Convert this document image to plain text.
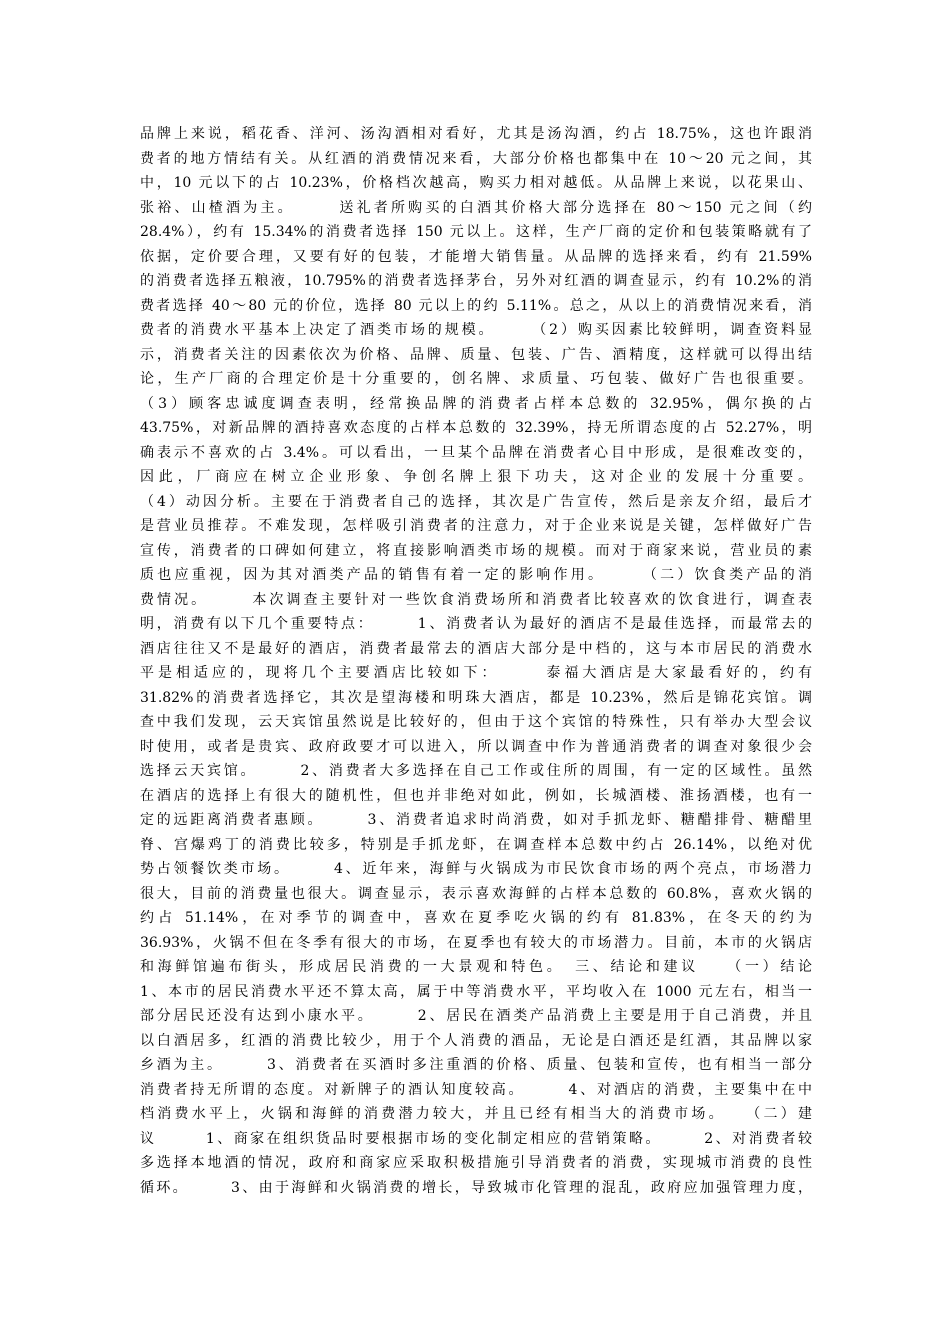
品牌上来说，稻花香、洋河、汤沟酒相对看好，尤其是汤沟酒，约占 18.75%，这也许跟消
费者的地方情结有关。从红酒的消费情况来看，大部分价格也都集中在 10～20 元之间，其
中，10 元以下的占 10.23%，价格档次越高，购买力相对越低。从品牌上来说，以花果山、
张裕、山楂酒为主。　　　送礼者所购买的白酒其价格大部分选择在 80～150 元之间（约
28.4%），约有 15.34%的消费者选择 150 元以上。这样，生产厂商的定价和包装策略就有了
依据，定价要合理，又要有好的包装，才能增大销售量。从品牌的选择来看，约有 21.59%
的消费者选择五粮液，10.795%的消费者选择茅台，另外对红酒的调查显示，约有 10.2%的消
费者选择 40～80 元的价位，选择 80 元以上的约 5.11%。总之，从以上的消费情况来看，消
费者的消费水平基本上决定了酒类市场的规模。　　　（2）购买因素比较鲜明，调查资料显
示，消费者关注的因素依次为价格、品牌、质量、包装、广告、酒精度，这样就可以得出结
论，生产厂商的合理定价是十分重要的，创名牌、求质量、巧包装、做好广告也很重要。
（3）顾客忠诚度调查表明，经常换品牌的消费者占样本总数的 32.95%，偶尔换的占
43.75%，对新品牌的酒持喜欢态度的占样本总数的 32.39%，持无所谓态度的占 52.27%，明
确表示不喜欢的占 3.4%。可以看出，一旦某个品牌在消费者心目中形成，是很难改变的，
因此，厂商应在树立企业形象、争创名牌上狠下功夫，这对企业的发展十分重要。
（4）动因分析。主要在于消费者自己的选择，其次是广告宣传，然后是亲友介绍，最后才
是营业员推荐。不难发现，怎样吸引消费者的注意力，对于企业来说是关键，怎样做好广告
宣传，消费者的口碑如何建立，将直接影响酒类市场的规模。而对于商家来说，营业员的素
质也应重视，因为其对酒类产品的销售有着一定的影响作用。　　　（二）饮食类产品的消
费情况。　　　本次调查主要针对一些饮食消费场所和消费者比较喜欢的饮食进行，调查表
明，消费有以下几个重要特点：　　　1、消费者认为最好的酒店不是最佳选择，而最常去的
酒店往往又不是最好的酒店，消费者最常去的酒店大部分是中档的，这与本市居民的消费水
平是相适应的，现将几个主要酒店比较如下：　　　泰福大酒店是大家最看好的，约有
31.82%的消费者选择它，其次是望海楼和明珠大酒店，都是 10.23%，然后是锦花宾馆。调
查中我们发现，云天宾馆虽然说是比较好的，但由于这个宾馆的特殊性，只有举办大型会议
时使用，或者是贵宾、政府政要才可以进入，所以调查中作为普通消费者的调查对象很少会
选择云天宾馆。　　　2、消费者大多选择在自己工作或住所的周围，有一定的区域性。虽然
在酒店的选择上有很大的随机性，但也并非绝对如此，例如，长城酒楼、淮扬酒楼，也有一
定的远距离消费者惠顾。　　　3、消费者追求时尚消费，如对手抓龙虾、糖醋排骨、糖醋里
脊、宫爆鸡丁的消费比较多，特别是手抓龙虾，在调查样本总数中约占 26.14%，以绝对优
势占领餐饮类市场。　　　4、近年来，海鲜与火锅成为市民饮食市场的两个亮点，市场潜力
很大，目前的消费量也很大。调查显示，表示喜欢海鲜的占样本总数的 60.8%，喜欢火锅的
约占 51.14%，在对季节的调查中，喜欢在夏季吃火锅的约有 81.83%，在冬天的约为
36.93%，火锅不但在冬季有很大的市场，在夏季也有较大的市场潜力。目前，本市的火锅店
和海鲜馆遍布街头，形成居民消费的一大景观和特色。　三、结论和建议　　（一）结论
1、本市的居民消费水平还不算太高，属于中等消费水平，平均收入在 1000 元左右，相当一
部分居民还没有达到小康水平。　　　2、居民在酒类产品消费上主要是用于自己消费，并且
以白酒居多，红酒的消费比较少，用于个人消费的酒品，无论是白酒还是红酒，其品牌以家
乡酒为主。　　　3、消费者在买酒时多注重酒的价格、质量、包装和宣传，也有相当一部分
消费者持无所谓的态度。对新牌子的酒认知度较高。　　　4、对酒店的消费，主要集中在中
档消费水平上，火锅和海鲜的消费潜力较大，并且已经有相当大的消费市场。　　（二）建
议　　　1、商家在组织货品时要根据市场的变化制定相应的营销策略。　　　2、对消费者较
多选择本地酒的情况，政府和商家应采取积极措施引导消费者的消费，实现城市消费的良性
循环。　　　3、由于海鲜和火锅消费的增长，导致城市化管理的混乱，政府应加强管理力度，
